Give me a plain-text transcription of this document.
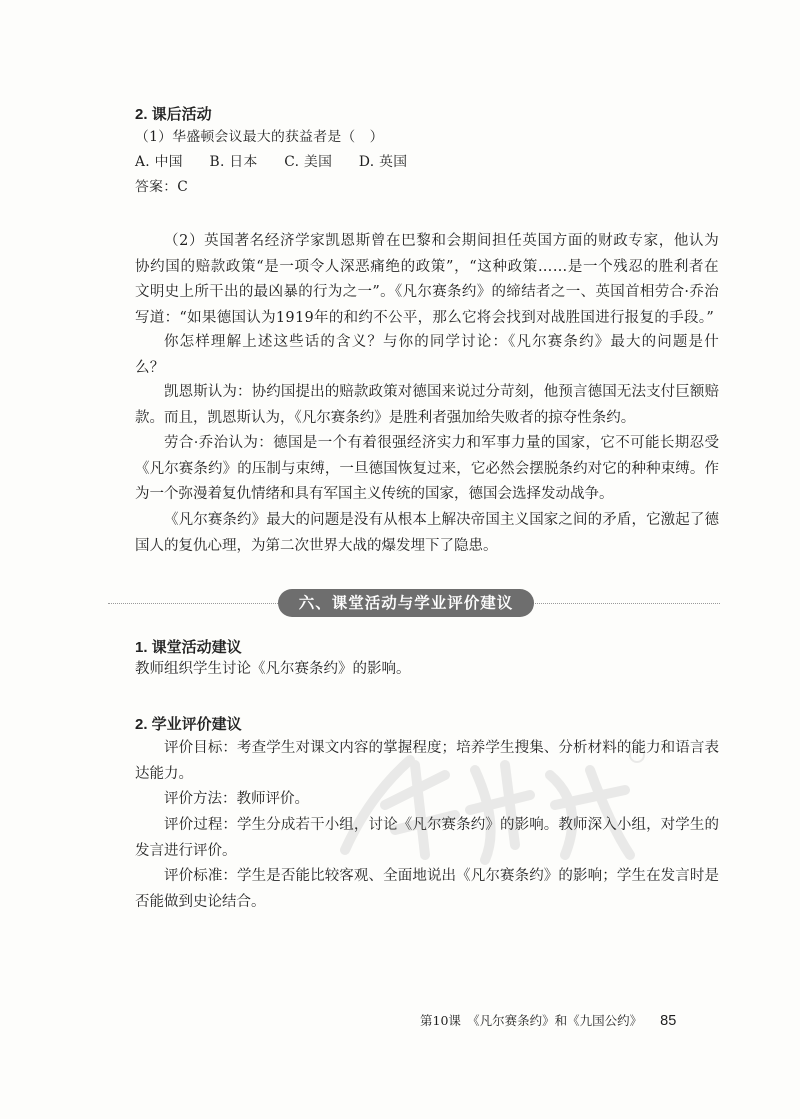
2. 课后活动
（1）华盛顿会议最大的获益者是（　）
A. 中国 B. 日本 C. 美国 D. 英国
答案：C

（2）英国著名经济学家凯恩斯曾在巴黎和会期间担任英国方面的财政专家，他认为协约国的赔款政策“是一项令人深恶痛绝的政策”，“这种政策……是一个残忍的胜利者在文明史上所干出的最凶暴的行为之一”。《凡尔赛条约》的缔结者之一、英国首相劳合·乔治写道：“如果德国认为1919年的和约不公平，那么它将会找到对战胜国进行报复的手段。”

你怎样理解上述这些话的含义？与你的同学讨论：《凡尔赛条约》最大的问题是什么？

凯恩斯认为：协约国提出的赔款政策对德国来说过分苛刻，他预言德国无法支付巨额赔款。而且，凯恩斯认为，《凡尔赛条约》是胜利者强加给失败者的掠夺性条约。

劳合·乔治认为：德国是一个有着很强经济实力和军事力量的国家，它不可能长期忍受《凡尔赛条约》的压制与束缚，一旦德国恢复过来，它必然会摆脱条约对它的种种束缚。作为一个弥漫着复仇情绪和具有军国主义传统的国家，德国会选择发动战争。

《凡尔赛条约》最大的问题是没有从根本上解决帝国主义国家之间的矛盾，它激起了德国人的复仇心理，为第二次世界大战的爆发埋下了隐患。

六、课堂活动与学业评价建议
1. 课堂活动建议
教师组织学生讨论《凡尔赛条约》的影响。
2. 学业评价建议

评价目标：考查学生对课文内容的掌握程度；培养学生搜集、分析材料的能力和语言表达能力。

评价方法：教师评价。

评价过程：学生分成若干小组，讨论《凡尔赛条约》的影响。教师深入小组，对学生的发言进行评价。

评价标准：学生是否能比较客观、全面地说出《凡尔赛条约》的影响；学生在发言时是否能做到史论结合。

第10课　《凡尔赛条约》和《九国公约》 85
